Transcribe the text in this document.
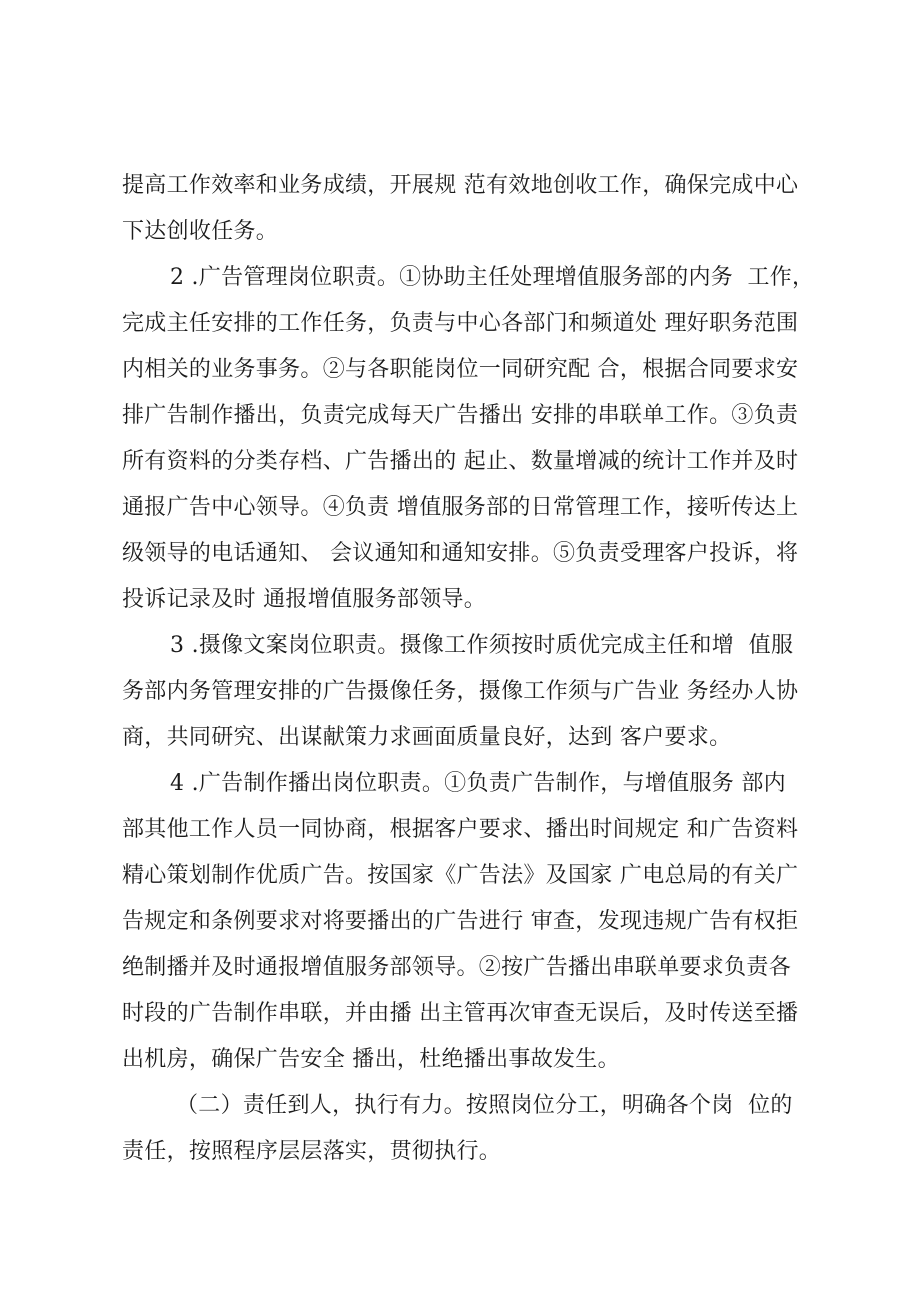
提高工作效率和业务成绩，开展规 范有效地创收工作，确保完成中心
下达创收任务。
2 .广告管理岗位职责。①协助主任处理增值服务部的内务  工作，
完成主任安排的工作任务，负责与中心各部门和频道处 理好职务范围
内相关的业务事务。②与各职能岗位一同研究配 合，根据合同要求安
排广告制作播出，负责完成每天广告播出 安排的串联单工作。③负责
所有资料的分类存档、广告播出的 起止、数量增减的统计工作并及时
通报广告中心领导。④负责 增值服务部的日常管理工作，接听传达上
级领导的电话通知、 会议通知和通知安排。⑤负责受理客户投诉，将
投诉记录及时 通报增值服务部领导。
3 .摄像文案岗位职责。摄像工作须按时质优完成主任和增  值服
务部内务管理安排的广告摄像任务，摄像工作须与广告业 务经办人协
商，共同研究、出谋献策力求画面质量良好，达到 客户要求。
4 .广告制作播出岗位职责。①负责广告制作，与增值服务 部内
部其他工作人员一同协商，根据客户要求、播出时间规定 和广告资料
精心策划制作优质广告。按国家《广告法》及国家 广电总局的有关广
告规定和条例要求对将要播出的广告进行 审查，发现违规广告有权拒
绝制播并及时通报增值服务部领导。②按广告播出串联单要求负责各
时段的广告制作串联，并由播 出主管再次审查无误后，及时传送至播
出机房，确保广告安全 播出，杜绝播出事故发生。
（二）责任到人，执行有力。按照岗位分工，明确各个岗  位的
责任，按照程序层层落实，贯彻执行。
